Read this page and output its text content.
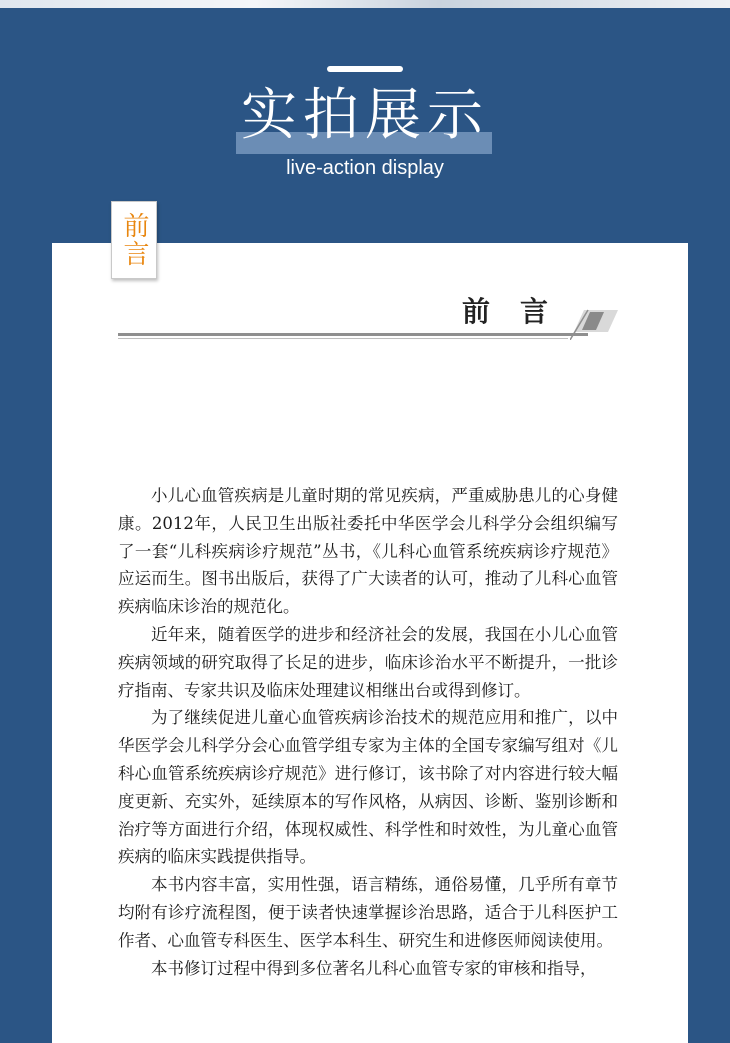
实拍展示
live-action display
前言
前言

小儿心血管疾病是儿童时期的常见疾病，严重威胁患儿的心身健康。2012年，人民卫生出版社委托中华医学会儿科学分会组织编写了一套“儿科疾病诊疗规范”丛书，《儿科心血管系统疾病诊疗规范》应运而生。图书出版后，获得了广大读者的认可，推动了儿科心血管疾病临床诊治的规范化。

近年来，随着医学的进步和经济社会的发展，我国在小儿心血管疾病领域的研究取得了长足的进步，临床诊治水平不断提升，一批诊疗指南、专家共识及临床处理建议相继出台或得到修订。

为了继续促进儿童心血管疾病诊治技术的规范应用和推广，以中华医学会儿科学分会心血管学组专家为主体的全国专家编写组对《儿科心血管系统疾病诊疗规范》进行修订，该书除了对内容进行较大幅度更新、充实外，延续原本的写作风格，从病因、诊断、鉴别诊断和治疗等方面进行介绍，体现权威性、科学性和时效性，为儿童心血管疾病的临床实践提供指导。

本书内容丰富，实用性强，语言精练，通俗易懂，几乎所有章节均附有诊疗流程图，便于读者快速掌握诊治思路，适合于儿科医护工作者、心血管专科医生、医学本科生、研究生和进修医师阅读使用。

本书修订过程中得到多位著名儿科心血管专家的审核和指导，
